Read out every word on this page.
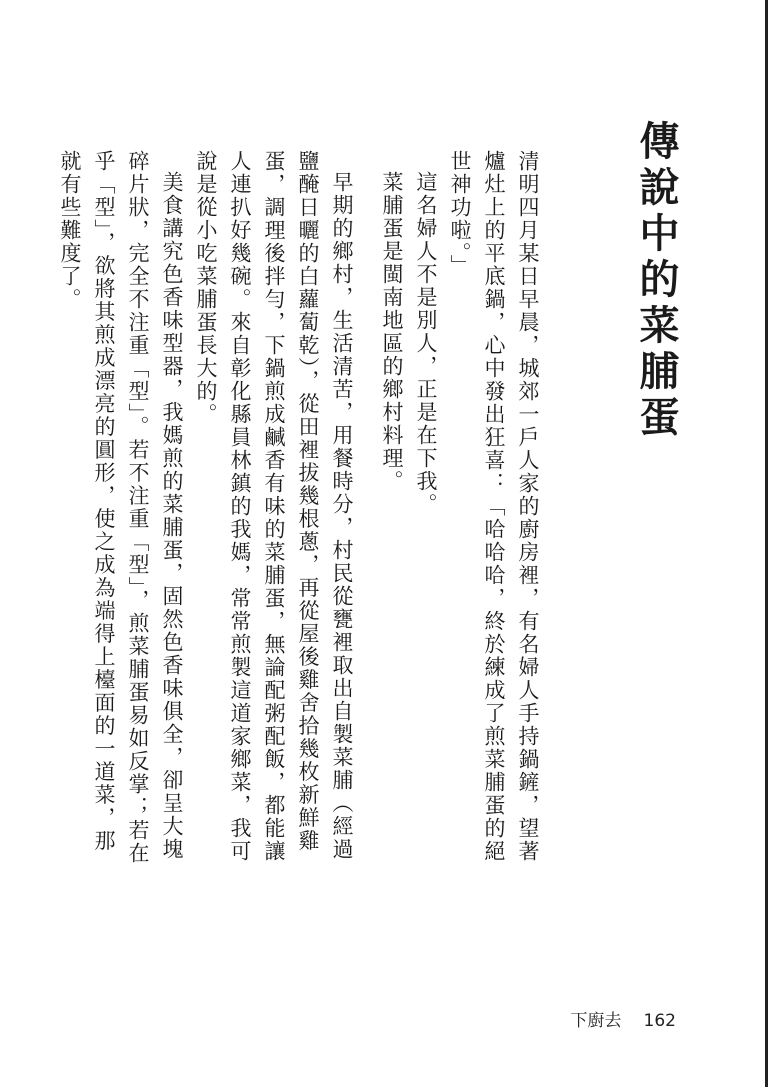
傳說中的菜脯蛋

清明四月某日早晨，城郊一戶人家的廚房裡，有名婦人手持鍋鏟，望著爐灶上的平底鍋，心中發出狂喜：「哈哈哈，終於練成了煎菜脯蛋的絕世神功啦。」

這名婦人不是別人，正是在下我。

菜脯蛋是閩南地區的鄉村料理。

早期的鄉村，生活清苦，用餐時分，村民從甕裡取出自製菜脯（經過鹽醃日曬的白蘿蔔乾），從田裡拔幾根蔥，再從屋後雞舍拾幾枚新鮮雞蛋，調理後拌勻，下鍋煎成鹹香有味的菜脯蛋，無論配粥配飯，都能讓人連扒好幾碗。來自彰化縣員林鎮的我媽，常常煎製這道家鄉菜，我可說是從小吃菜脯蛋長大的。

美食講究色香味型器，我媽煎的菜脯蛋，固然色香味俱全，卻呈大塊碎片狀，完全不注重「型」。若不注重「型」，煎菜脯蛋易如反掌；若在乎「型」，欲將其煎成漂亮的圓形，使之成為端得上檯面的一道菜，那就有些難度了。

下廚去 162
